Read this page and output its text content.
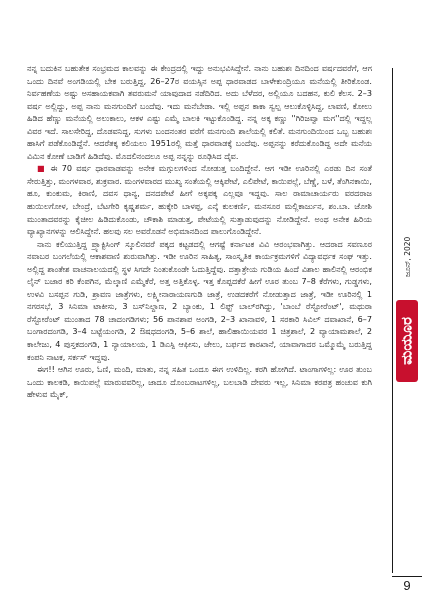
ನನ್ನ ಬದುಕಿನ ಬಹುತೇಕ ಸಂಭ್ರಮದ ಕಾಲವನ್ನು ಈ ಕೇಂದ್ರದಲ್ಲಿ ಇದ್ದು ಅನುಭವಿಸಿದ್ದೇನೆ. ನಾನು ಬಹುಶಃ ದಿನದಿಂದ ವರ್ಷದವರೆಗೆ, ಆಗ ಒಂದು ದಿನವೆ ಅಂಗಡಿಯಲ್ಲಿ ಬೇಕ ಬರುತ್ತಿದ್ದ, 26–27ರ ವಯಸ್ಸಿನ ಅಪ್ಪ ಧಾರವಾಡದ ಬಾಳೇಕುಂದ್ರಿಯೂ ಮನೆಯಲ್ಲಿ ತೀರಿಕೊಂಡ. ನಿರ್ವಹಣೆಯ ಅಷ್ಟು ಅಸಹಾಯಕವಾಗಿ ತವರುಮನೆ ಯಾವುದಾದ ನಡೆದಿರಿದ. ಅದು ಬೆಳೆದರ, ಅಲ್ಲಿಯೂ ಬದಹನ, ಕುಲಿ ಕೆಲಸ. 2–3 ವರ್ಷ ಅಲ್ಲಿದ್ದು, ಅಪ್ಪ ನಾನು ಮನಗುಂದಿಗೆ ಬಂದೆವು. ಇದು ಮನೆಬೇಡಾ. ಇಲ್ಲಿ ಅಪ್ಪನ ಕಾಕಾ ಸ್ವಲ್ಪ ಆಲುಕೊಳ್ಳಿಸಿದ್ದ, ಲಾವಣಿ, ಕೋಲು ಹಿಡಿದ ಹೆಣ್ಣು ಮನೆಯಲ್ಲಿ ಅಲುಕಾಲು, ಆಕಳ ಎಷ್ಟು ಎಮ್ಮೆ ಬಾಲಕಿ ಇಟ್ಟುಕೊಂಡಿದ್ದ. ನನ್ನ ಅಕ್ಕ ಕಣ್ಣು ''ಗಿರಿಜವ್ವಾ ಮಗ''ದಲ್ಲಿ ಇದ್ದಲ್ಲ ವಿವರ ಇದೆ. ಸಾಲಸೇರಿದ್ದ, ದೊಡವನಿದ್ದ, ಸುಗಳು ಬಂದನಂತರ ವರೆಗೆ ಮನಗುಂದಿ ಶಾಲೆಯಲ್ಲಿ ಕಲಿತೆ. ಮನಗುಂದಿಯಿಂದ ಒಬ್ಬ ಬಹುಶಃ ಹಾಸಿಗೆ ಪಡೆಕೊಂಡಿದ್ದೆನೆ. ಆದರೆತಕ್ಕ ಕಲಿಯಲು 1951ರಲ್ಲಿ ಮತ್ತೆ ಧಾರವಾಡಕ್ಕೆ ಬಂದೆವು. ಅಪ್ಪನನ್ನು ಕರೆದುಕೊಂಡಿದ್ದ ಅದೇ ಮನೆಯ ವಿಮಿನ ಕೋಣೆ ಬಾಡಿಗೆ ಹಿಡಿದೆವು. ಮೊದಲಿನಂದಲೂ ಅಪ್ಪ ನನ್ನನ್ನು ರೂಢಿಸಿದ ದೈವ.

■ ಈ 70 ವರ್ಷ ಧಾರವಾಡವನ್ನು ಅನೇಕ ಮಗ್ಗುಲಗಳಿಂದ ನೋಡುತ್ತ ಬಂದಿದ್ದೇನೆ. ಆಗ ಇಡೀ ಊರಿನಲ್ಲಿ ಎರಡು ದಿನ ಸಂತೆ ಸೇರುತ್ತಿತ್ತು, ಮಂಗಳವಾರ, ಶುಕ್ರವಾರ. ಮಂಗಳವಾರದ ಮುಖ್ಯ ಸಂತೆಯಲ್ಲಿ ಆಕ್ಕಿಪೇಟೆ, ಎಲಿಪೇಟೆ, ಕಾಯಿಪಲ್ಲೆ, ಬೆಣ್ಣೆ, ಬಳೆ, ತೆಂಗಿನಕಾಯಿ, ಹೂ, ಕುಂಕುಮ, ಕಿರಾಣಿ, ದವಸ ಧಾನ್ಯ, ದನದಪೇಟೆ ಹೀಗೆ ಅಕ್ಕಪಕ್ಕ ಎಲ್ಲವೂ ಇದ್ದವು. ಸಾಲ ರಾಮಾಚಾರ್ಯರು ವರದರಾಜ ಹುಯಿಲಗೋಳ, ಬೇಂದ್ರೆ, ಬೆಟಗೇರಿ ಕೃಷ್ಣಶರ್ಮ, ಹುಕ್ಕೇರಿ ಬಾಳಪ್ಪ, ಎನ್ಕೆ ಕುಲಕರ್ಣಿ, ಮನಸೂರ ಮಲ್ಲಿಕಾರ್ಜುನ, ಶಂ.ಬಾ. ಜೋಶಿ ಮುಂತಾದವರನ್ನು ಕೈಚೀಲ ಹಿಡಿದುಕೊಂಡು, ಚೌಕಾಶಿ ಮಾಡುತ್ತ, ಪೇಟೆಯಲ್ಲಿ ಸುತ್ತಾಡುವುದನ್ನು ನೋಡಿದ್ದೇನೆ. ಅಂಥ ಅನೇಕ ಹಿರಿಯ ವ್ಯಾಖ್ಯಾನಗಳನ್ನು ಆಲಿಸಿದ್ದೇನೆ. ಹಲವು ಸಲ ಅವರೊಡನೆ ಅಭಿಮಾನದಿಂದ ಪಾಲುಗೊಂಡಿದ್ದೇನೆ.

ನಾನು ಕಲಿಯುತ್ತಿದ್ದ ಪ್ರ್ಯಾಕ್ಟಿಸಿಂಗ್ ಸ್ಕೂಲಿನವರೆ ಪಕ್ಕದ ಕಟ್ಟಡದಲ್ಲಿ ಆಗಷ್ಟೆ ಕರ್ನಾಟಕ ವಿವಿ ಆರಂಭವಾಗಿತ್ತು. ಆದರಾದ ಸವಣೂರ ನವಾಬರ ಬಂಗಲೆಯಲ್ಲಿ ಆಕಾಶವಾಣಿ ಶುರುವಾಗಿತ್ತು. ಇಡೀ ಊರಿನ ಸಾಹಿತ್ಯ, ಸಾಂಸ್ಕೃತಿಕ ಕಾರ್ಯಕ್ರಮಗಳಿಗೆ ವಿದ್ಯಾವರ್ಧಕ ಸಂಘ ಇತ್ತು. ಅಲ್ಲಿದ್ದ ಶಾಂತೇಶ ವಾಚನಾಲಯದಲ್ಲಿ ಸ್ಥಳ ಸಿಗದೇ ನಿಂತುಕೊಂಡೇ ಓದುತ್ತಿದ್ದೆವು. ದತ್ತಾತ್ರೇಯ ಗುಡಿಯ ಹಿಂದೆ ವಿಶಾಲ ಹಾಲಿನಲ್ಲಿ ಆರಂಭಿಕ ಲೈನ್ ಬಜಾರ ಕರಿ ಕೆಂಪಗಿನ, ಮೆಲ್ಕಾಣಿ ಎಮ್ಮೆಕೆರೆ, ಅತ್ತ ಅತ್ತಿಕೊಳ್ಳ. ಇತ್ತ ಕೊಪ್ಪದಕೆರೆ ಹೀಗೆ ಊರ ತುಂಬ 7–8 ಕೆರೆಗಳು, ಗುಡ್ಡಗಳು, ಉಳವಿ ಬಸಪ್ಪನ ಗುಡಿ, ಶ್ರಾವಣ ಜಾತ್ರೆಗಳು, ಲಕ್ಷ್ಮೀನಾರಾಯಣಗುಡಿ ಜಾತ್ರೆ, ಉಡದಕರೆಗೆ ನೋಡುತ್ತಾದ ಜಾತ್ರೆ, ಇಡೀ ಊರಿನಲ್ಲಿ 1 ನಗರಸಭೆ, 3 ಸಿನಿಮಾ ಟಾಕೀಸು, 3 ಬಸ್‌ನಿಲ್ದಾಣ, 2 ಬ್ಯಾಂಕು, 1 ಲಿಫ್ಟ್ ಬಾಲ್‌ರಗಿದ್ದು, 'ಬಾಂಬೆ ರೆಸ್ಟೋರೆಂಟ್', ಮಥುರಾ ರೆಸ್ಟೋರೆಂಟ್ ಮುಂತಾದ 78 ಚಾದಂಗಡಿಗಳು; 56 ಪಾನಶಾಪ ಅಂಗಡಿ, 2–3 ಖಾನಾವಳಿ, 1 ಸರಕಾರಿ ಸಿವಿಲ್ ದವಾಖಾನೆ, 6–7 ಬಂಗಾರದಂಗಡಿ, 3–4 ಬಟ್ಟೆಯಂಗಡಿ, 2 ಔಷಧದಂಗಡಿ, 5–6 ಶಾಲೆ, ಹಾಲಿಹಾಯಿಯವರ 1 ಚಿತ್ರಶಾಲೆ, 2 ವ್ಯಾಯಾಮಶಾಲೆ, 2 ಕಾಲೇಜು, 4 ಪುಸ್ತಕದಂಗಡಿ, 1 ನ್ಯಾಯಾಲಯ, 1 ಡಿಎಸ್ಪಿ ಆಫೀಸು, ಜೇಲು, ಬರ್ಫದ ಕಾರಖಾನೆ, ಯಾವಾಗಾದರ ಒಮ್ಮೊಮ್ಮೆ ಬರುತ್ತಿದ್ದ ಕಂಪನಿ ನಾಟಕ, ಸರ್ಕಸ್ ಇದ್ದವು.

ಈಗ!! ಆಗಿನ ಊರು, ಓಣಿ, ಮಂದಿ, ಮಾತು, ನನ್ನ ಸಹಿತ ಒಂದೂ ಈಗ ಉಳಿದಿಲ್ಲ. ಕರಗಿ ಹೋಗಿದೆ. ಟಾಂಗಾಗಳಿಲ್ಲ: ಊರ ತುಂಬ ಒಂದು ಕಾಲಕಡಿ, ಕಾಯಿಪಲ್ಲೆ ಮಾರುವವರಿಲ್ಲ, ಜಾದೂ ದೊಂಬರಾಟಗಳಿಲ್ಲ, ಬಲಬಾಡಿ ದೇವರು ಇಲ್ಲ, ಸಿನಿಮಾ ಕರಪತ್ರ ಹಂಚುವ ಕುಗಿ ಹೇಳುವ ಮೈಕ್,

ಜೂನ್, 2020
ಮಯೂರ
9
